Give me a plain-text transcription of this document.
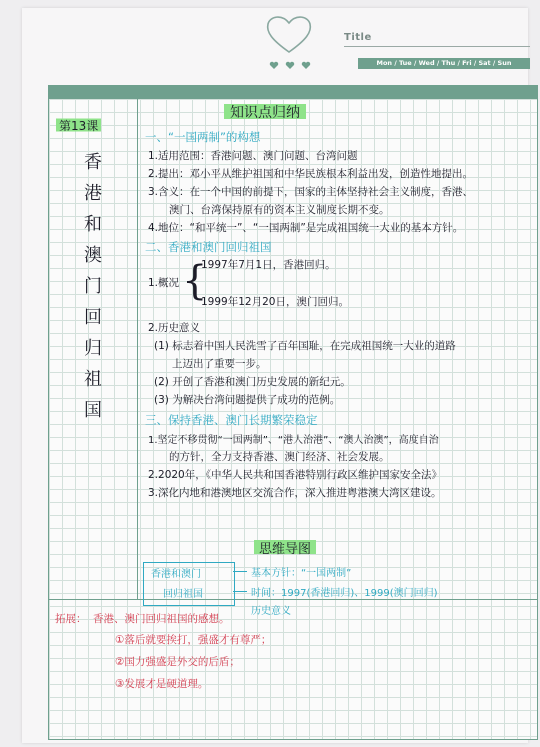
Title
Mon / Tue / Wed / Thu / Fri / Sat / Sun
第13课
香
港
和
澳
门
回
归
祖
国
知识点归纳
一、“一国两制”的构想
1.适用范围：香港问题、澳门问题、台湾问题
2.提出：邓小平从维护祖国和中华民族根本利益出发，创造性地提出。
3.含义：在一个中国的前提下，国家的主体坚持社会主义制度，香港、
澳门、台湾保持原有的资本主义制度长期不变。
4.地位：“和平统一”、“一国两制”是完成祖国统一大业的基本方针。
二、香港和澳门回归祖国
1.概况 {
1997年7月1日，香港回归。
1999年12月20日，澳门回归。
2.历史意义
(1) 标志着中国人民洗雪了百年国耻，在完成祖国统一大业的道路
上迈出了重要一步。
(2) 开创了香港和澳门历史发展的新纪元。
(3) 为解决台湾问题提供了成功的范例。
三、保持香港、澳门长期繁荣稳定
1.坚定不移贯彻“一国两制”、“港人治港”、“澳人治澳”，高度自治
的方针，全力支持香港、澳门经济、社会发展。
2.2020年，《中华人民共和国香港特别行政区维护国家安全法》
3.深化内地和港澳地区交流合作，深入推进粤港澳大湾区建设。
思维导图
香港和澳门
回归祖国
基本方针：“一国两制”
时间：1997(香港回归)、1999(澳门回归)
历史意义
拓展： 香港、澳门回归祖国的感想。
①落后就要挨打，强盛才有尊严；
②国力强盛是外交的后盾；
③发展才是硬道理。
